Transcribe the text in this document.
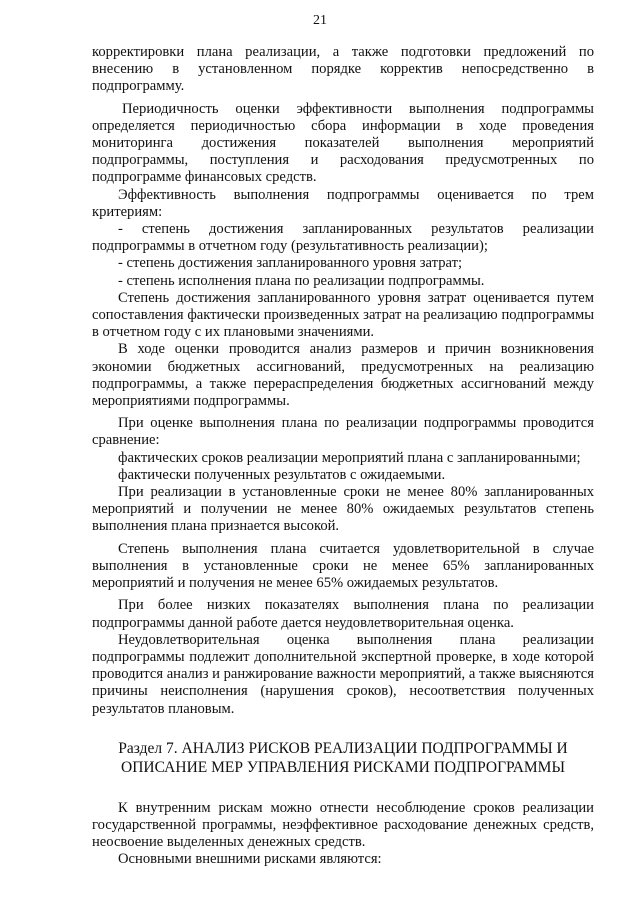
21

корректировки плана реализации, а также подготовки предложений по внесению в установленном порядке корректив непосредственно в подпрограмму.

Периодичность оценки эффективности выполнения подпрограммы определяется периодичностью сбора информации в ходе проведения мониторинга достижения показателей выполнения мероприятий подпрограммы, поступления и расходования предусмотренных по подпрограмме финансовых средств.

Эффективность выполнения подпрограммы оценивается по трем критериям:

- степень достижения запланированных результатов реализации подпрограммы в отчетном году (результативность реализации);

- степень достижения запланированного уровня затрат;

- степень исполнения плана по реализации подпрограммы.

Степень достижения запланированного уровня затрат оценивается путем сопоставления фактически произведенных затрат на реализацию подпрограммы в отчетном году с их плановыми значениями.

В ходе оценки проводится анализ размеров и причин возникновения экономии бюджетных ассигнований, предусмотренных на реализацию подпрограммы, а также перераспределения бюджетных ассигнований между мероприятиями подпрограммы.

При оценке выполнения плана по реализации подпрограммы проводится сравнение:

фактических сроков реализации мероприятий плана с запланированными;

фактически полученных результатов с ожидаемыми.

При реализации в установленные сроки не менее 80% запланированных мероприятий и получении не менее 80% ожидаемых результатов степень выполнения плана признается высокой.

Степень выполнения плана считается удовлетворительной в случае выполнения в установленные сроки не менее 65% запланированных мероприятий и получения не менее 65% ожидаемых результатов.

При более низких показателях выполнения плана по реализации подпрограммы данной работе дается неудовлетворительная оценка.

Неудовлетворительная оценка выполнения плана реализации подпрограммы подлежит дополнительной экспертной проверке, в ходе которой проводится анализ и ранжирование важности мероприятий, а также выясняются причины неисполнения (нарушения сроков), несоответствия полученных результатов плановым.

Раздел 7. АНАЛИЗ РИСКОВ РЕАЛИЗАЦИИ ПОДПРОГРАММЫ И
ОПИСАНИЕ МЕР УПРАВЛЕНИЯ РИСКАМИ ПОДПРОГРАММЫ

К внутренним рискам можно отнести несоблюдение сроков реализации государственной программы, неэффективное расходование денежных средств, неосвоение выделенных денежных средств.

Основными внешними рисками являются:
